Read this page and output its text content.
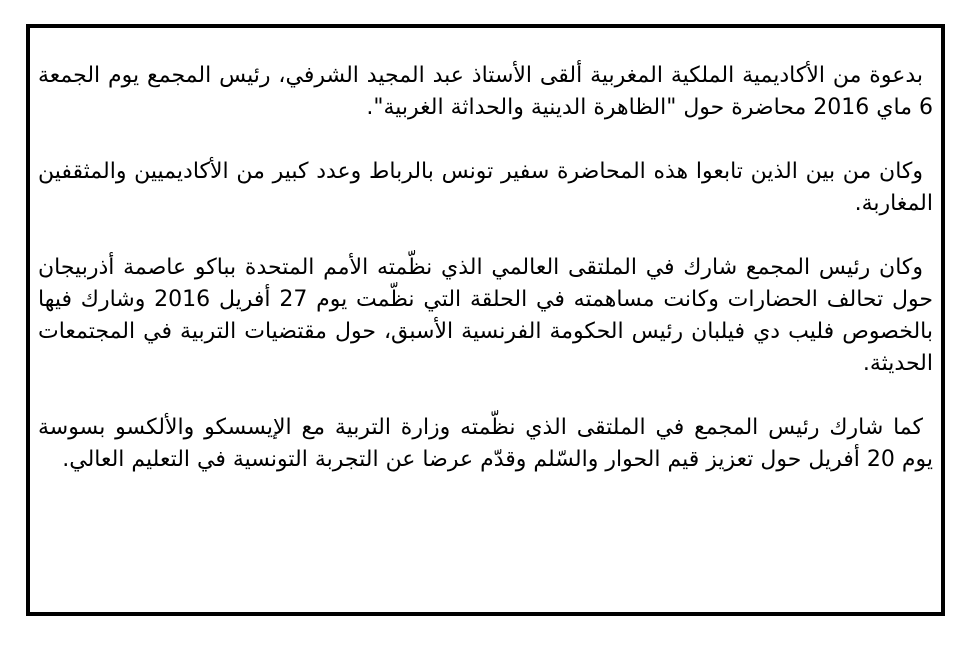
بدعوة من الأكاديمية الملكية المغربية ألقى الأستاذ عبد المجيد الشرفي، رئيس المجمع يوم الجمعة 6 ماي 2016 محاضرة حول "الظاهرة الدينية والحداثة الغربية".

وكان من بين الذين تابعوا هذه المحاضرة سفير تونس بالرباط وعدد كبير من الأكاديميين والمثقفين المغاربة.

وكان رئيس المجمع شارك في الملتقى العالمي الذي نظّمته الأمم المتحدة بباكو عاصمة أذربيجان حول تحالف الحضارات وكانت مساهمته في الحلقة التي نظّمت يوم 27 أفريل 2016 وشارك فيها بالخصوص فليب دي فيلبان رئيس الحكومة الفرنسية الأسبق، حول مقتضيات التربية في المجتمعات الحديثة.

كما شارك رئيس المجمع في الملتقى الذي نظّمته وزارة التربية مع الإيسسكو والألكسو بسوسة يوم 20 أفريل حول تعزيز قيم الحوار والسّلم وقدّم عرضا عن التجربة التونسية في التعليم العالي.
